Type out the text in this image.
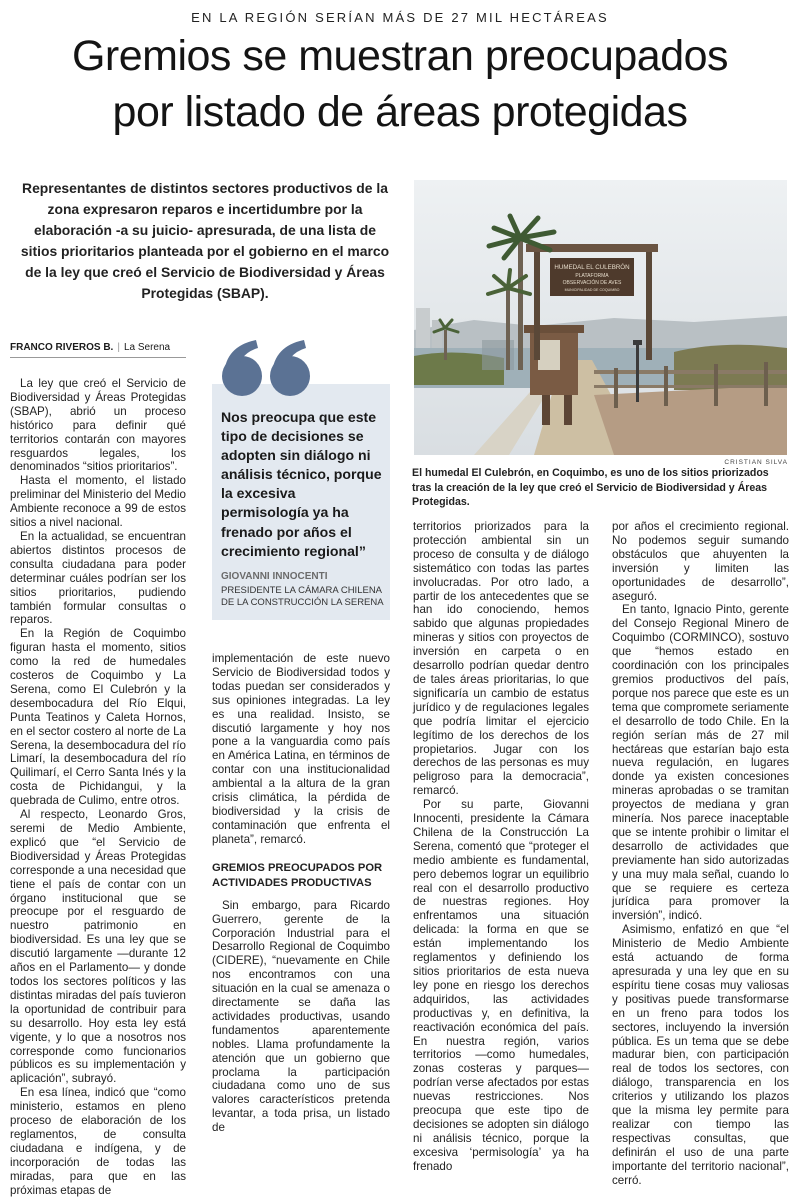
EN LA REGIÓN SERÍAN MÁS DE 27 MIL HECTÁREAS
Gremios se muestran preocupados
por listado de áreas protegidas
Representantes de distintos sectores productivos de la zona expresaron reparos e incertidumbre por la elaboración -a su juicio- apresurada, de una lista de sitios prioritarios planteada por el gobierno en el marco de la ley que creó el Servicio de Biodiversidad y Áreas Protegidas (SBAP).
HUMEDAL EL CULEBRÓN
PLATAFORMA
OBSERVACIÓN DE AVES
MUNICIPALIDAD DE COQUIMBO
CRISTIAN SILVA
El humedal El Culebrón, en Coquimbo, es uno de los sitios priorizados tras la creación de la ley que creó el Servicio de Biodiversidad y Áreas Protegidas.
FRANCO RIVEROS B. | La Serena

La ley que creó el Servicio de Biodiversidad y Áreas Protegidas (SBAP), abrió un proceso histórico para definir qué territorios contarán con mayores resguardos legales, los denominados “sitios prioritarios”.

Hasta el momento, el listado preliminar del Ministerio del Medio Ambiente reconoce a 99 de estos sitios a nivel nacional.

En la actualidad, se encuentran abiertos distintos procesos de consulta ciudadana para poder determinar cuáles podrían ser los sitios prioritarios, pudiendo también formular consultas o reparos.

En la Región de Coquimbo figuran hasta el momento, sitios como la red de humedales costeros de Coquimbo y La Serena, como El Culebrón y la desembocadura del Río Elqui, Punta Teatinos y Caleta Hornos, en el sector costero al norte de La Serena, la desembocadura del río Limarí, la desembocadura del río Quilimarí, el Cerro Santa Inés y la costa de Pichidangui, y la quebrada de Culimo, entre otros.

Al respecto, Leonardo Gros, seremi de Medio Ambiente, explicó que “el Servicio de Biodiversidad y Áreas Protegidas corresponde a una necesidad que tiene el país de contar con un órgano institucional que se preocupe por el resguardo de nuestro patrimonio en biodiversidad. Es una ley que se discutió largamente —durante 12 años en el Parlamento— y donde todos los sectores políticos y las distintas miradas del país tuvieron la oportunidad de contribuir para su desarrollo. Hoy esta ley está vigente, y lo que a nosotros nos corresponde como funcionarios públicos es su implementación y aplicación”, subrayó.

En esa línea, indicó que “como ministerio, estamos en pleno proceso de elaboración de los reglamentos, de consulta ciudadana e indígena, y de incorporación de todas las miradas, para que en las próximas etapas de

Nos preocupa que este tipo de decisiones se adopten sin diálogo ni análisis técnico, porque la excesiva permisología ya ha frenado por años el crecimiento regional”
GIOVANNI INNOCENTI
PRESIDENTE LA CÁMARA CHILENA DE LA CONSTRUCCIÓN LA SERENA

implementación de este nuevo Servicio de Biodiversidad todos y todas puedan ser considerados y sus opiniones integradas. La ley es una realidad. Insisto, se discutió largamente y hoy nos pone a la vanguardia como país en América Latina, en términos de contar con una institucionalidad ambiental a la altura de la gran crisis climática, la pérdida de biodiversidad y la crisis de contaminación que enfrenta el planeta”, remarcó.

GREMIOS PREOCUPADOS POR ACTIVIDADES PRODUCTIVAS

Sin embargo, para Ricardo Guerrero, gerente de la Corporación Industrial para el Desarrollo Regional de Coquimbo (CIDERE), “nuevamente en Chile nos encontramos con una situación en la cual se amenaza o directamente se daña las actividades productivas, usando fundamentos aparentemente nobles. Llama profundamente la atención que un gobierno que proclama la participación ciudadana como uno de sus valores característicos pretenda levantar, a toda prisa, un listado de

territorios priorizados para la protección ambiental sin un proceso de consulta y de diálogo sistemático con todas las partes involucradas. Por otro lado, a partir de los antecedentes que se han ido conociendo, hemos sabido que algunas propiedades mineras y sitios con proyectos de inversión en carpeta o en desarrollo podrían quedar dentro de tales áreas prioritarias, lo que significaría un cambio de estatus jurídico y de regulaciones legales que podría limitar el ejercicio legítimo de los derechos de los propietarios. Jugar con los derechos de las personas es muy peligroso para la democracia”, remarcó.

Por su parte, Giovanni Innocenti, presidente la Cámara Chilena de la Construcción La Serena, comentó que “proteger el medio ambiente es fundamental, pero debemos lograr un equilibrio real con el desarrollo productivo de nuestras regiones. Hoy enfrentamos una situación delicada: la forma en que se están implementando los reglamentos y definiendo los sitios prioritarios de esta nueva ley pone en riesgo los derechos adquiridos, las actividades productivas y, en definitiva, la reactivación económica del país. En nuestra región, varios territorios —como humedales, zonas costeras y parques— podrían verse afectados por estas nuevas restricciones. Nos preocupa que este tipo de decisiones se adopten sin diálogo ni análisis técnico, porque la excesiva ‘permisología’ ya ha frenado

por años el crecimiento regional. No podemos seguir sumando obstáculos que ahuyenten la inversión y limiten las oportunidades de desarrollo”, aseguró.

En tanto, Ignacio Pinto, gerente del Consejo Regional Minero de Coquimbo (CORMINCO), sostuvo que “hemos estado en coordinación con los principales gremios productivos del país, porque nos parece que este es un tema que compromete seriamente el desarrollo de todo Chile. En la región serían más de 27 mil hectáreas que estarían bajo esta nueva regulación, en lugares donde ya existen concesiones mineras aprobadas o se tramitan proyectos de mediana y gran minería. Nos parece inaceptable que se intente prohibir o limitar el desarrollo de actividades que previamente han sido autorizadas y una muy mala señal, cuando lo que se requiere es certeza jurídica para promover la inversión”, indicó.

Asimismo, enfatizó en que “el Ministerio de Medio Ambiente está actuando de forma apresurada y una ley que en su espíritu tiene cosas muy valiosas y positivas puede transformarse en un freno para todos los sectores, incluyendo la inversión pública. Es un tema que se debe madurar bien, con participación real de todos los sectores, con diálogo, transparencia en los criterios y utilizando los plazos que la misma ley permite para realizar con tiempo las respectivas consultas, que definirán el uso de una parte importante del territorio nacional”, cerró.
